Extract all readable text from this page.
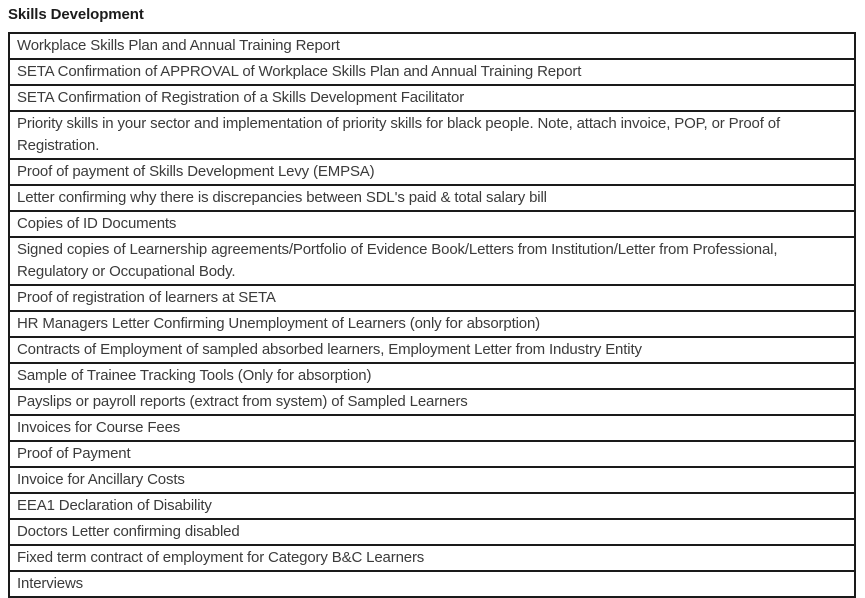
Skills Development
Workplace Skills Plan and Annual Training Report
SETA Confirmation of APPROVAL of Workplace Skills Plan and Annual Training Report
SETA Confirmation of Registration of a Skills Development Facilitator
Priority skills in your sector and implementation of priority skills for black people. Note, attach invoice, POP, or Proof of Registration.
Proof of payment of Skills Development Levy (EMPSA)
Letter confirming why there is discrepancies between SDL's paid & total salary bill
Copies of ID Documents
Signed copies of Learnership agreements/Portfolio of Evidence Book/Letters from Institution/Letter from Professional, Regulatory or Occupational Body.
Proof of registration of learners at SETA
HR Managers Letter Confirming Unemployment of Learners (only for absorption)
Contracts of Employment of sampled absorbed learners, Employment Letter from Industry Entity
Sample of Trainee Tracking Tools (Only for absorption)
Payslips or payroll reports (extract from system) of Sampled Learners
Invoices for Course Fees
Proof of Payment
Invoice for Ancillary Costs
EEA1 Declaration of Disability
Doctors Letter confirming disabled
Fixed term contract of employment for Category B&C Learners
Interviews
